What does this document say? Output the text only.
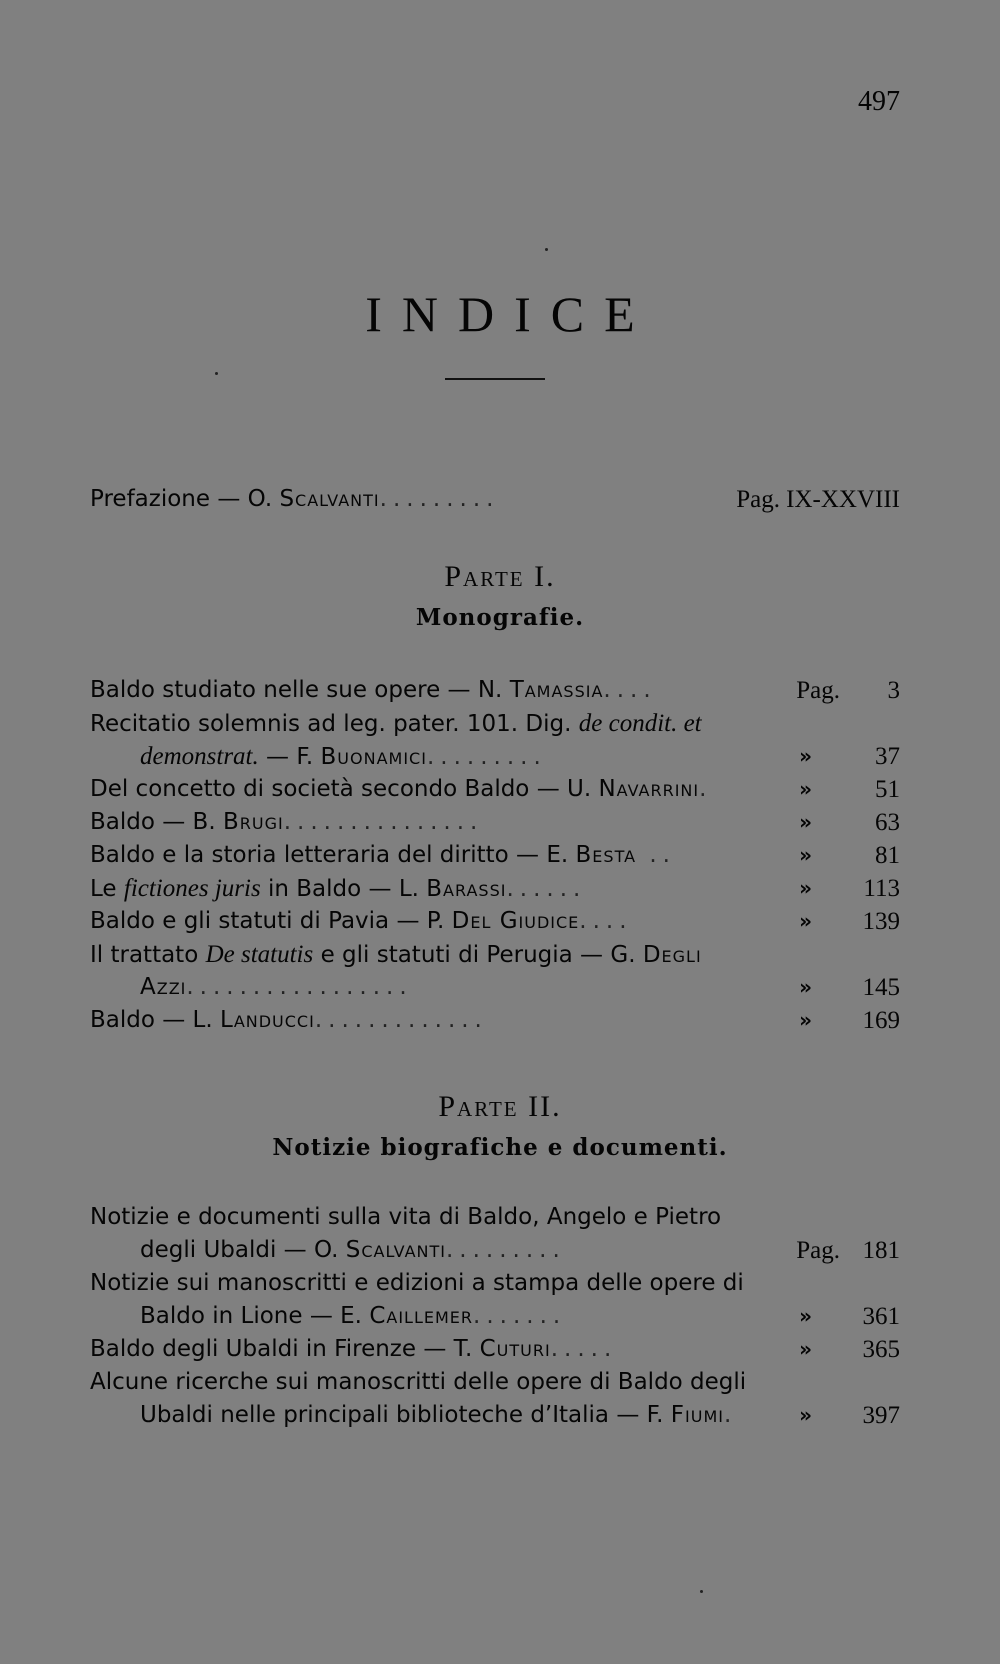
497
INDICE
Prefazione — O. Scalvanti.........	Pag. IX-XXVIII
Parte I.
Monografie.
Baldo studiato nelle sue opere — N. Tamassia....	Pag. 3
Recitatio solemnis ad leg. pater. 101. Dig. de condit. et
demonstrat. — F. Buonamici.........	»	37
Del concetto di società secondo Baldo — U. Navarrini.	»	51
Baldo — B. Brugi...............	»	63
Baldo e la storia letteraria del diritto — E. Besta ..	»	81
Le fictiones juris in Baldo — L. Barassi......	» 113
Baldo e gli statuti di Pavia — P. Del Giudice....	» 139
Il trattato De statutis e gli statuti di Perugia — G. Degli
Azzi.................	» 145
Baldo — L. Landucci.............	» 169
Parte II.
Notizie biografiche e documenti.
Notizie e documenti sulla vita di Baldo, Angelo e Pietro
degli Ubaldi — O. Scalvanti.........	Pag. 181
Notizie sui manoscritti e edizioni a stampa delle opere di
Baldo in Lione — E. Caillemer.......	» 361
Baldo degli Ubaldi in Firenze — T. Cuturi.....	» 365
Alcune ricerche sui manoscritti delle opere di Baldo degli
Ubaldi nelle principali biblioteche d’Italia — F. Fiumi.	» 397
